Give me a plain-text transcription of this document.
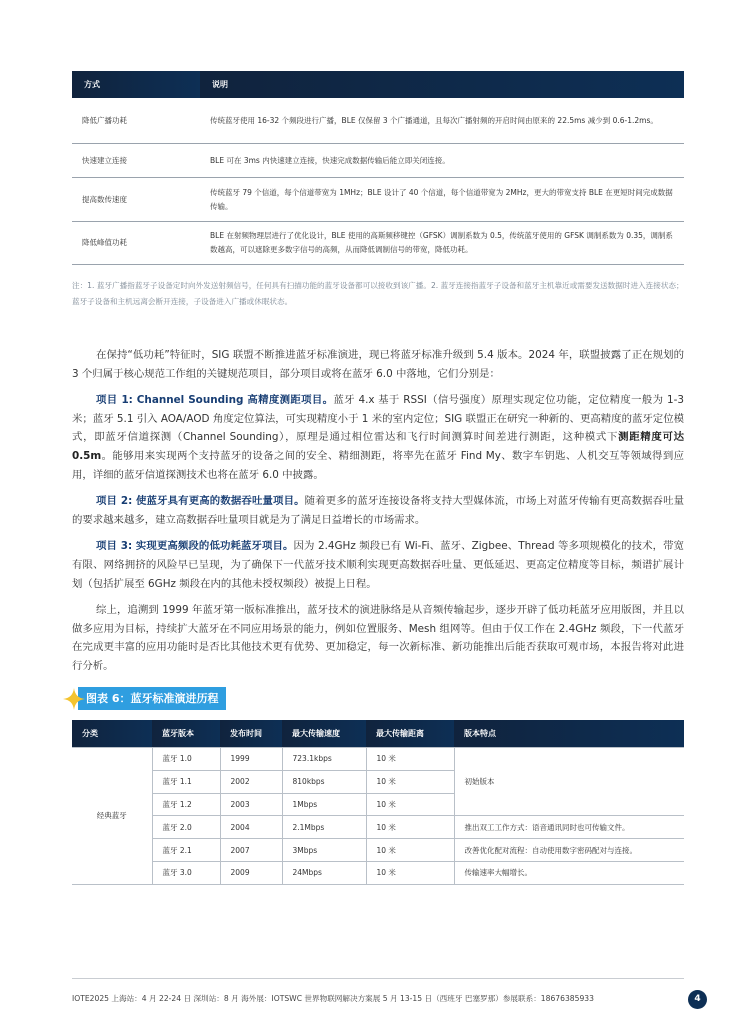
方式	说明
降低广播功耗	传统蓝牙使用 16-32 个频段进行广播，BLE 仅保留 3 个广播通道，且每次广播射频的开启时间由原来的 22.5ms 减少到 0.6-1.2ms。
快速建立连接	BLE 可在 3ms 内快速建立连接，快速完成数据传输后能立即关闭连接。
提高数传速度	传统蓝牙 79 个信道，每个信道带宽为 1MHz；BLE 设计了 40 个信道，每个信道带宽为 2MHz，更大的带宽支持 BLE 在更短时间完成数据传输。
降低峰值功耗	BLE 在射频物理层进行了优化设计，BLE 使用的高斯频移键控（GFSK）调制系数为 0.5，传统蓝牙使用的 GFSK 调制系数为 0.35，调制系数越高，可以遮除更多数字信号的高频，从而降低调制信号的带宽，降低功耗。
注：1. 蓝牙广播指蓝牙子设备定时向外发送射频信号，任何具有扫描功能的蓝牙设备都可以接收到该广播。2. 蓝牙连接指蓝牙子设备和蓝牙主机靠近或需要发送数据时进入连接状态；蓝牙子设备和主机远离会断开连接，子设备进入广播或休眠状态。

在保持“低功耗”特征时，SIG 联盟不断推进蓝牙标准演进，现已将蓝牙标准升级到 5.4 版本。2024 年，联盟披露了正在规划的 3 个归属于核心规范工作组的关键规范项目，部分项目或将在蓝牙 6.0 中落地，它们分别是：

项目 1: Channel Sounding 高精度测距项目。蓝牙 4.x 基于 RSSI（信号强度）原理实现定位功能，定位精度一般为 1-3 米；蓝牙 5.1 引入 AOA/AOD 角度定位算法，可实现精度小于 1 米的室内定位；SIG 联盟正在研究一种新的、更高精度的蓝牙定位模式，即蓝牙信道探测（Channel Sounding），原理是通过相位雷达和飞行时间测算时间差进行测距，这种模式下测距精度可达 0.5m。能够用来实现两个支持蓝牙的设备之间的安全、精细测距，将率先在蓝牙 Find My、数字车钥匙、人机交互等领域得到应用，详细的蓝牙信道探测技术也将在蓝牙 6.0 中披露。

项目 2: 使蓝牙具有更高的数据吞吐量项目。随着更多的蓝牙连接设备将支持大型媒体流，市场上对蓝牙传输有更高数据吞吐量的要求越来越多，建立高数据吞吐量项目就是为了满足日益增长的市场需求。

项目 3: 实现更高频段的低功耗蓝牙项目。因为 2.4GHz 频段已有 Wi-Fi、蓝牙、Zigbee、Thread 等多项规模化的技术，带宽有限、网络拥挤的风险早已呈现，为了确保下一代蓝牙技术顺利实现更高数据吞吐量、更低延迟、更高定位精度等目标，频谱扩展计划（包括扩展至 6GHz 频段在内的其他未授权频段）被提上日程。

综上，追溯到 1999 年蓝牙第一版标准推出，蓝牙技术的演进脉络是从音频传输起步，逐步开辟了低功耗蓝牙应用版图，并且以做多应用为目标，持续扩大蓝牙在不同应用场景的能力，例如位置服务、Mesh 组网等。但由于仅工作在 2.4GHz 频段，下一代蓝牙在完成更丰富的应用功能时是否比其他技术更有优势、更加稳定，每一次新标准、新功能推出后能否获取可观市场，本报告将对此进行分析。

图表 6：蓝牙标准演进历程
分类	蓝牙版本	发布时间	最大传输速度	最大传输距离	版本特点
经典蓝牙	蓝牙 1.0	1999	723.1kbps	10 米	初始版本
	蓝牙 1.1	2002	810kbps	10 米	
	蓝牙 1.2	2003	1Mbps	10 米	
	蓝牙 2.0	2004	2.1Mbps	10 米	推出双工工作方式：语音通讯同时也可传输文件。
	蓝牙 2.1	2007	3Mbps	10 米	改善优化配对流程：自动使用数字密码配对与连接。
	蓝牙 3.0	2009	24Mbps	10 米	传输速率大幅增长。
IOTE2025 上海站：4 月 22-24 日 深圳站：8 月 海外展：IOTSWC 世界物联网解决方案展 5 月 13-15 日（西班牙 巴塞罗那）参展联系：18676385933	4
